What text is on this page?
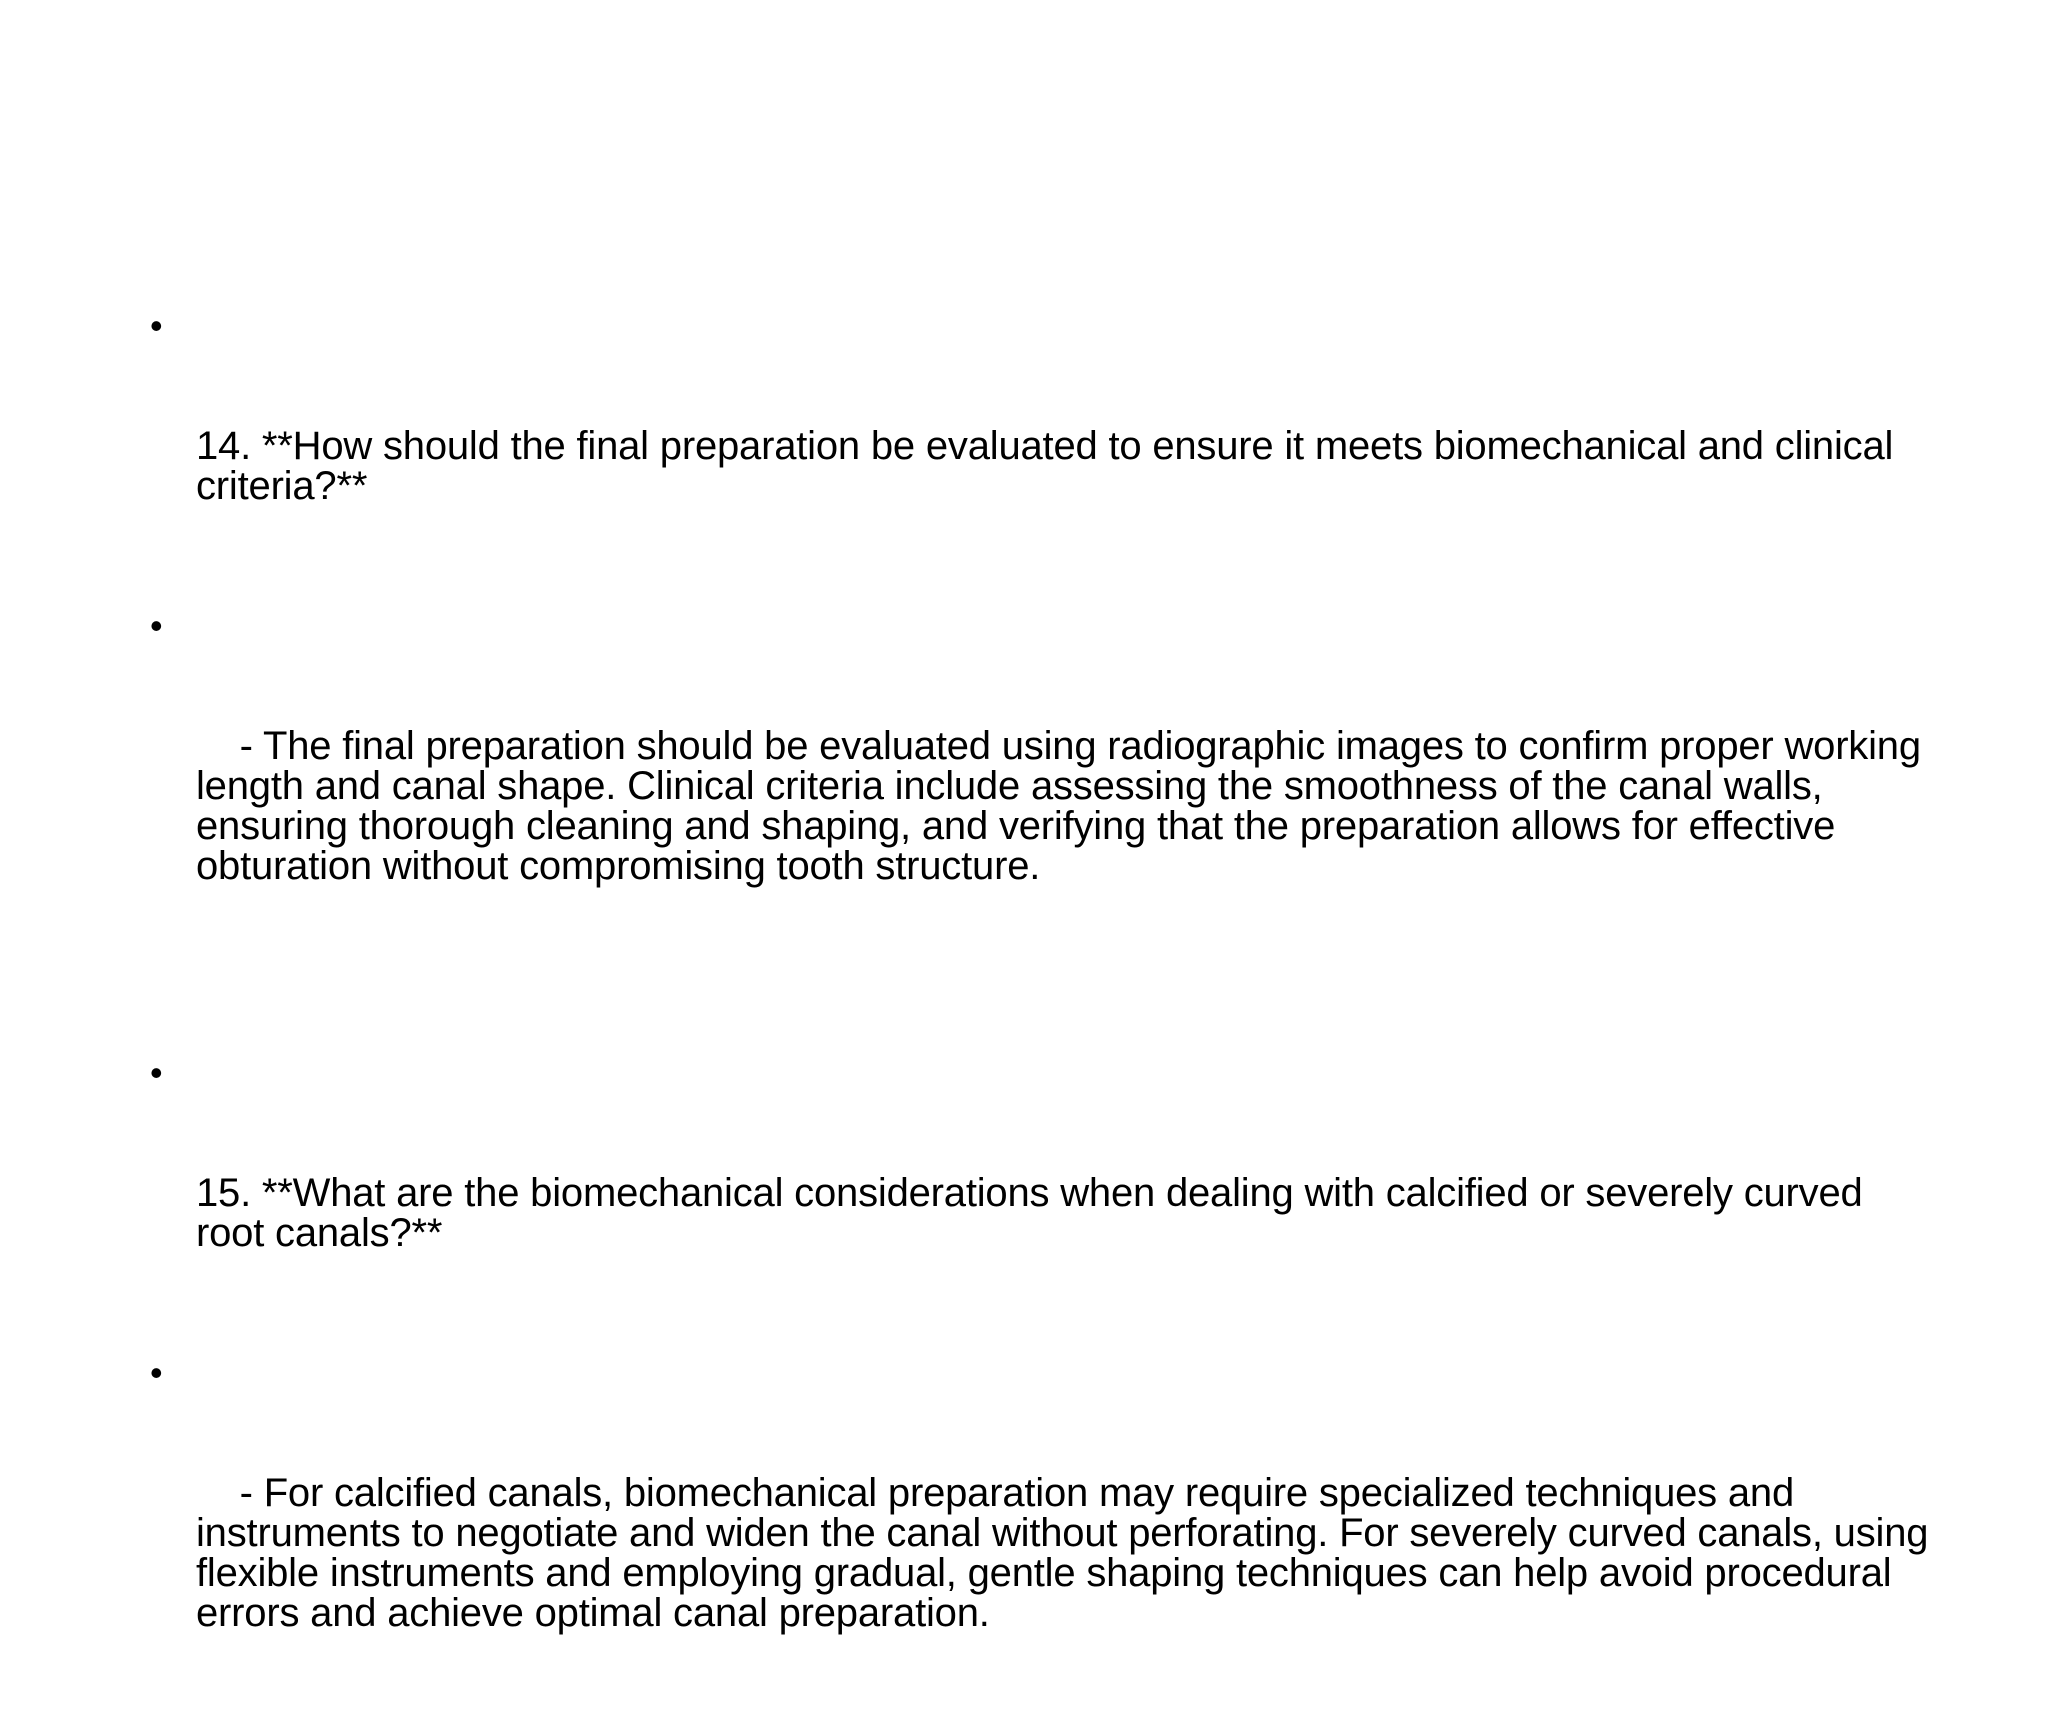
•

14. **How should the final preparation be evaluated to ensure it meets biomechanical and clinical criteria?**

•

- The final preparation should be evaluated using radiographic images to confirm proper working length and canal shape. Clinical criteria include assessing the smoothness of the canal walls, ensuring thorough cleaning and shaping, and verifying that the preparation allows for effective obturation without compromising tooth structure.

•

15. **What are the biomechanical considerations when dealing with calcified or severely curved root canals?**

•

- For calcified canals, biomechanical preparation may require specialized techniques and instruments to negotiate and widen the canal without perforating. For severely curved canals, using flexible instruments and employing gradual, gentle shaping techniques can help avoid procedural errors and achieve optimal canal preparation.
